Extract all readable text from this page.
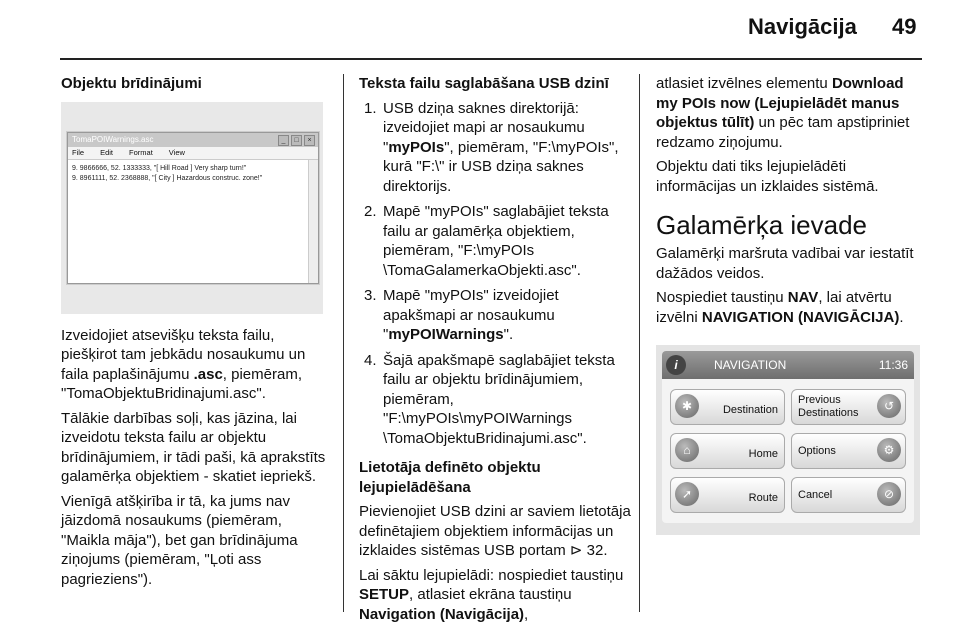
Navigācija 49

Objektu brīdinājumi

TomaPOIWarnings.asc	_	□	×
File Edit Format View
9. 9866666, 52. 1333333, "[ Hill Road ] Very sharp turn!"
9. 8961111, 52. 2368888, "[ City ] Hazardous construc. zone!"

Izveidojiet atsevišķu teksta failu, piešķirot tam jebkādu nosaukumu un faila paplašinājumu .asc, piemēram, "TomaObjektuBridinajumi.asc".

Tālākie darbības soļi, kas jāzina, lai izveidotu teksta failu ar objektu brīdinājumiem, ir tādi paši, kā aprakstīts galamērķa objektiem - skatiet iepriekš.

Vienīgā atšķirība ir tā, ka jums nav jāizdomā nosaukums (piemēram, "Maikla māja"), bet gan brīdinājuma ziņojums (piemēram, "Ļoti ass pagrieziens").

Teksta failu saglabāšana USB dzinī

1. USB dziņa saknes direktorijā: izveidojiet mapi ar nosaukumu "myPOIs", piemēram, "F:\myPOIs", kurā "F:\" ir USB dziņa saknes direktorijs.
2. Mapē "myPOIs" saglabājiet teksta failu ar galamērķa objektiem, piemēram, "F:\myPOIs \TomaGalamerkaObjekti.asc".
3. Mapē "myPOIs" izveidojiet apakšmapi ar nosaukumu "myPOIWarnings".
4. Šajā apakšmapē saglabājiet teksta failu ar objektu brīdinājumiem, piemēram, "F:\myPOIs\myPOIWarnings \TomaObjektuBridinajumi.asc".

Lietotāja definēto objektu lejupielādēšana

Pievienojiet USB dzini ar saviem lietotāja definētajiem objektiem informācijas un izklaides sistēmas USB portam ⊳ 32.

Lai sāktu lejupielādi: nospiediet taustiņu SETUP, atlasiet ekrāna taustiņu Navigation (Navigācija),

atlasiet izvēlnes elementu Download my POIs now (Lejupielādēt manus objektus tūlīt) un pēc tam apstipriniet redzamo ziņojumu.

Objektu dati tiks lejupielādēti informācijas un izklaides sistēmā.

Galamērķa ievade

Galamērķi maršruta vadībai var iestatīt dažādos veidos.

Nospiediet taustiņu NAV, lai atvērtu izvēlni NAVIGATION (NAVIGĀCIJA).

i	NAVIGATION	11:36
✱	Destination
Previous Destinations	↺
⌂	Home Options	⚙
➚	Route Cancel	⊘
